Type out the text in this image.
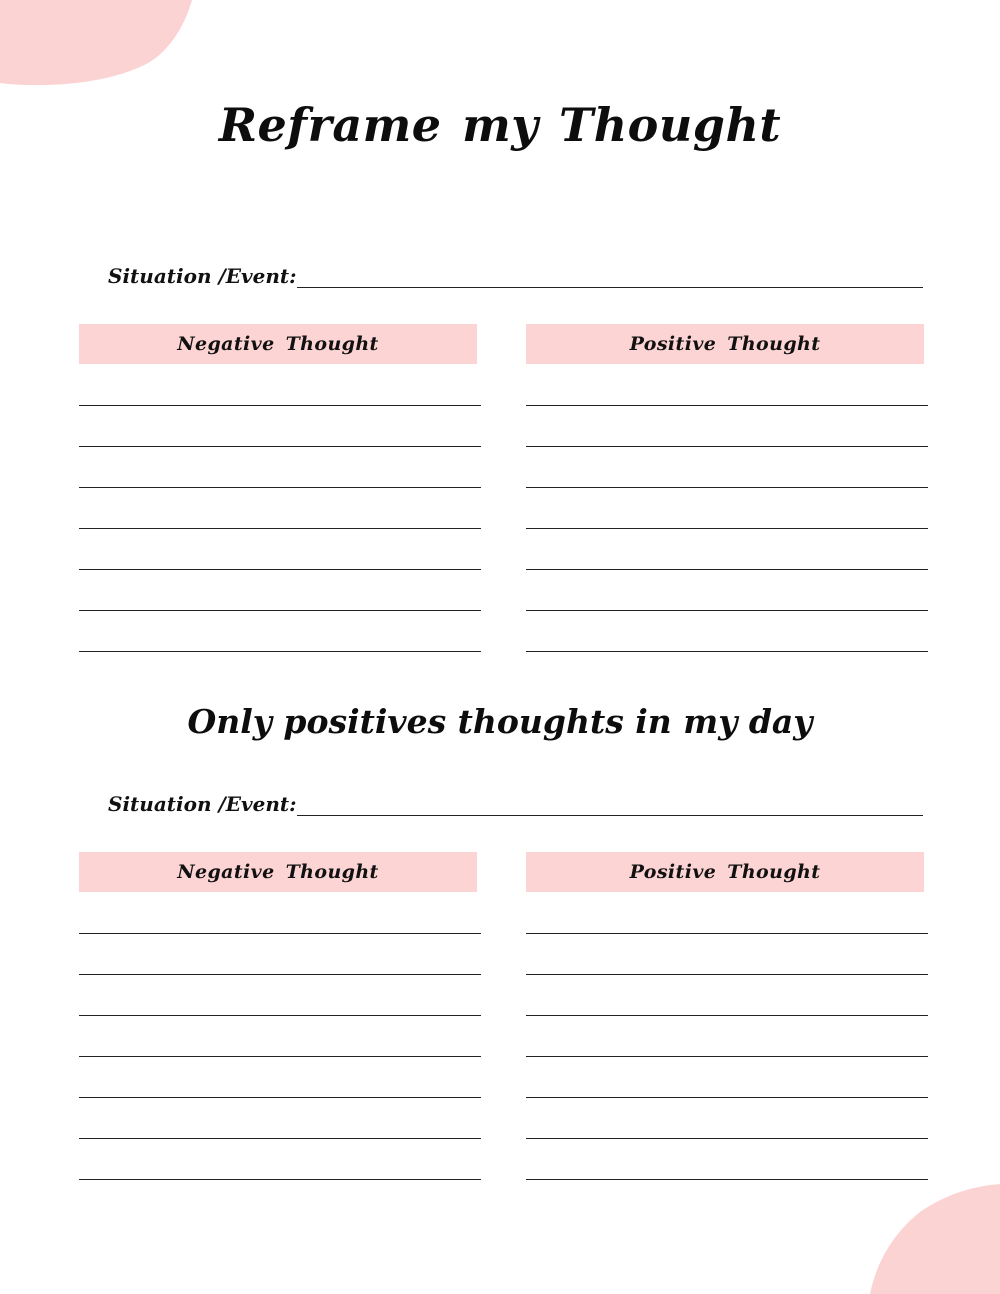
Reframe my Thought
Situation /Event:
Negative Thought	Positive Thought
Only positives thoughts in my day
Situation /Event:
Negative Thought	Positive Thought
